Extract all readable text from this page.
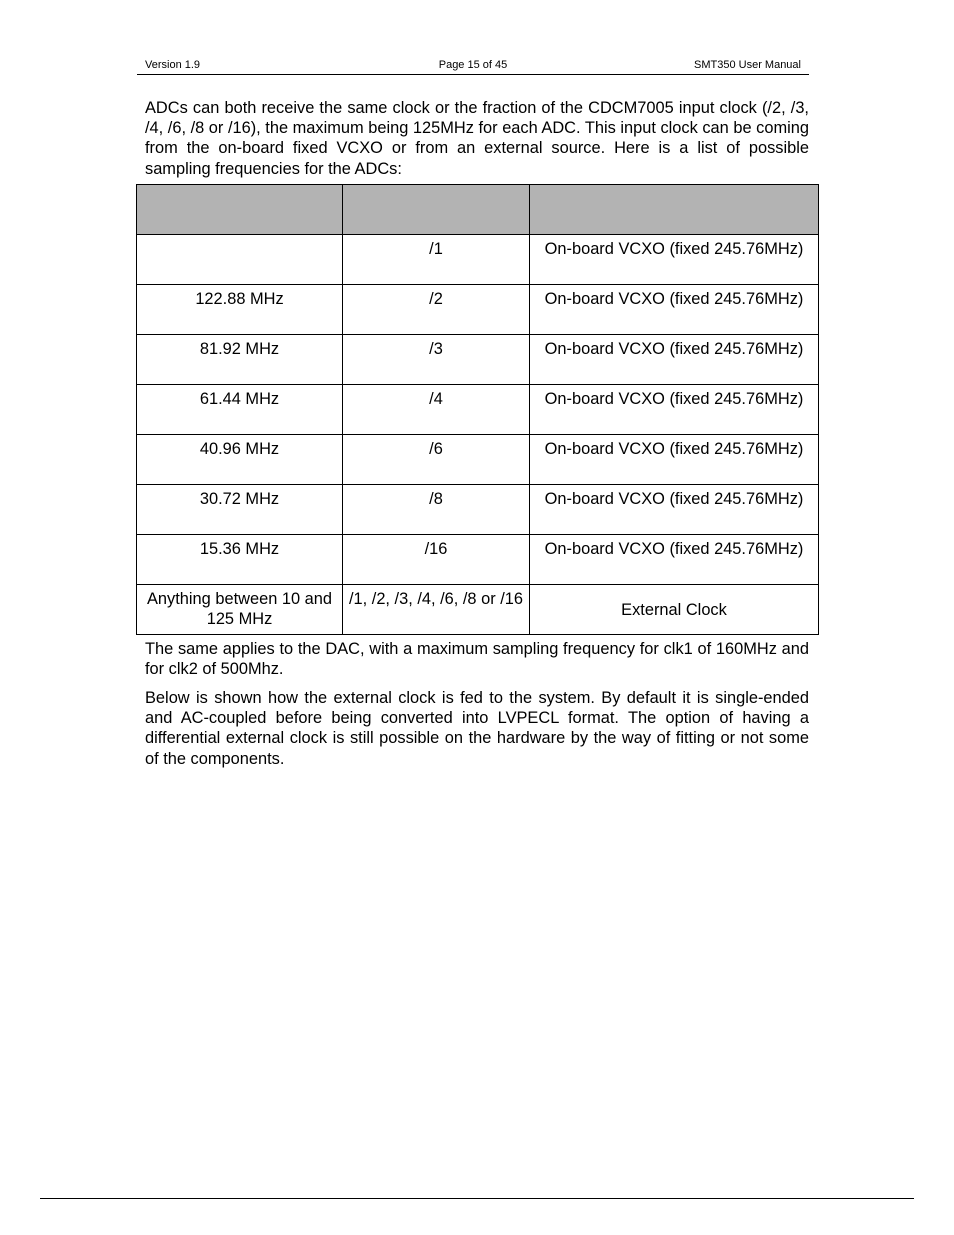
Version 1.9	Page 15 of 45	SMT350 User Manual

ADCs can both receive the same clock or the fraction of the CDCM7005 input clock (/2, /3, /4, /6, /8 or /16), the maximum being 125MHz for each ADC. This input clock can be coming from the on-board fixed VCXO or from an external source. Here is a list of possible sampling frequencies for the ADCs:

	/1	On-board VCXO (fixed 245.76MHz)
122.88 MHz	/2	On-board VCXO (fixed 245.76MHz)
81.92 MHz	/3	On-board VCXO (fixed 245.76MHz)
61.44 MHz	/4	On-board VCXO (fixed 245.76MHz)
40.96 MHz	/6	On-board VCXO (fixed 245.76MHz)
30.72 MHz	/8	On-board VCXO (fixed 245.76MHz)
15.36 MHz	/16	On-board VCXO (fixed 245.76MHz)
Anything between 10 and 125 MHz	/1, /2, /3, /4, /6, /8 or /16	External Clock

The same applies to the DAC, with a maximum sampling frequency for clk1 of 160MHz and for clk2 of 500Mhz.

Below is shown how the external clock is fed to the system. By default it is single-ended and AC-coupled before being converted into LVPECL format. The option of having a differential external clock is still possible on the hardware by the way of fitting or not some of the components.
